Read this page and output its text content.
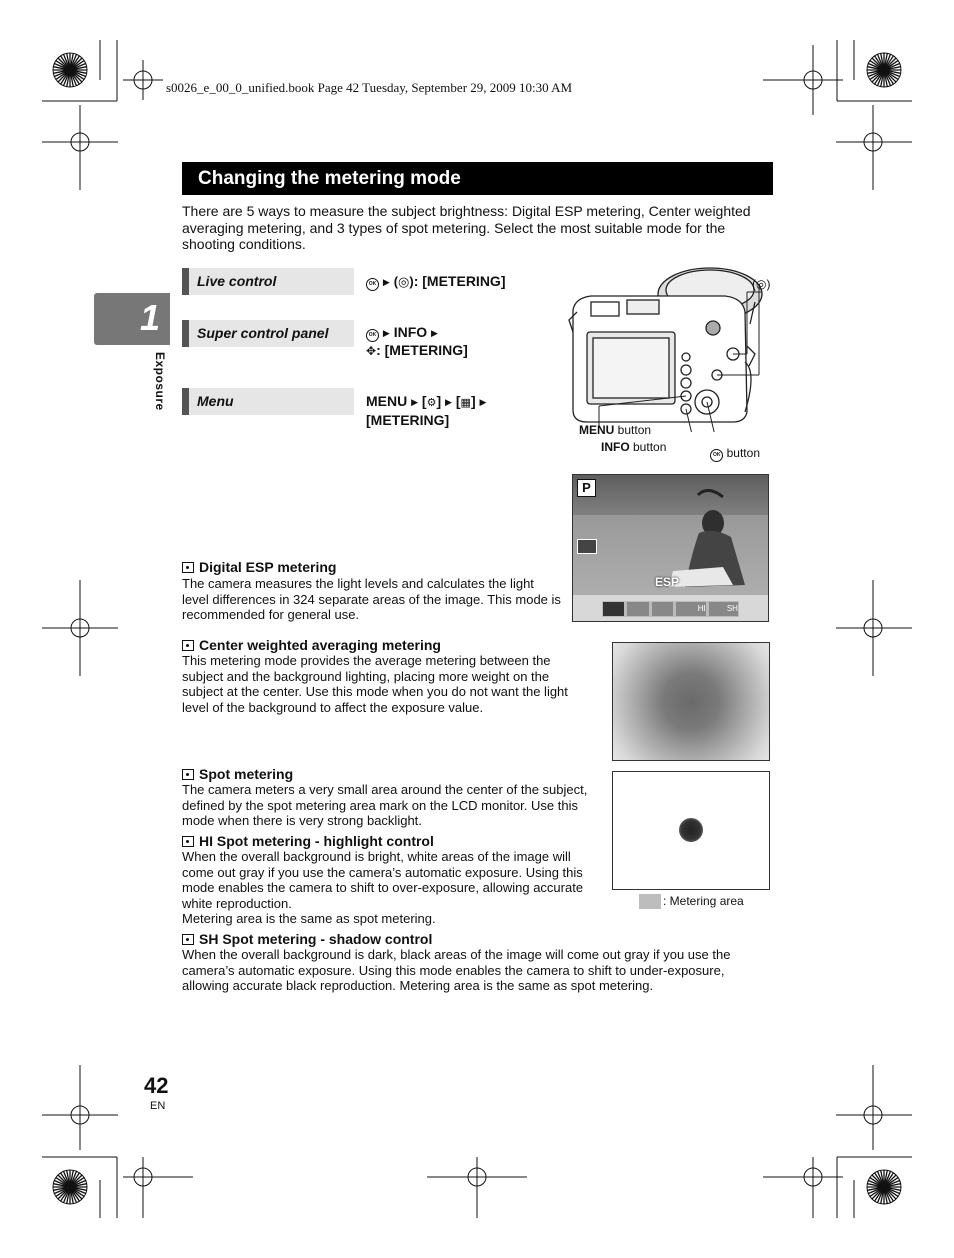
s0026_e_00_0_unified.book Page 42 Tuesday, September 29, 2009 10:30 AM
1
Exposure
Changing the metering mode
There are 5 ways to measure the subject brightness: Digital ESP metering, Center weighted averaging metering, and 3 types of spot metering. Select the most suitable mode for the shooting conditions.
Live control	OK ▶ (◎): [METERING]
Super control panel	OK ▶ INFO ▶
✥: [METERING]
Menu	MENU ▶ [⚙] ▶ [▦] ▶
[METERING]
(◎)
MENU button
INFO button
OK button
P
ESP
HI	SH
Digital ESP metering
The camera measures the light levels and calculates the light level differences in 324 separate areas of the image. This mode is recommended for general use.
Center weighted averaging metering
This metering mode provides the average metering between the subject and the background lighting, placing more weight on the subject at the center. Use this mode when you do not want the light level of the background to affect the exposure value.
Spot metering
The camera meters a very small area around the center of the subject, defined by the spot metering area mark on the LCD monitor. Use this mode when there is very strong backlight.
HI Spot metering - highlight control
When the overall background is bright, white areas of the image will come out gray if you use the camera’s automatic exposure. Using this mode enables the camera to shift to over-exposure, allowing accurate white reproduction.
Metering area is the same as spot metering.
: Metering area
SH Spot metering - shadow control
When the overall background is dark, black areas of the image will come out gray if you use the camera’s automatic exposure. Using this mode enables the camera to shift to under-exposure, allowing accurate black reproduction. Metering area is the same as spot metering.
42
EN
